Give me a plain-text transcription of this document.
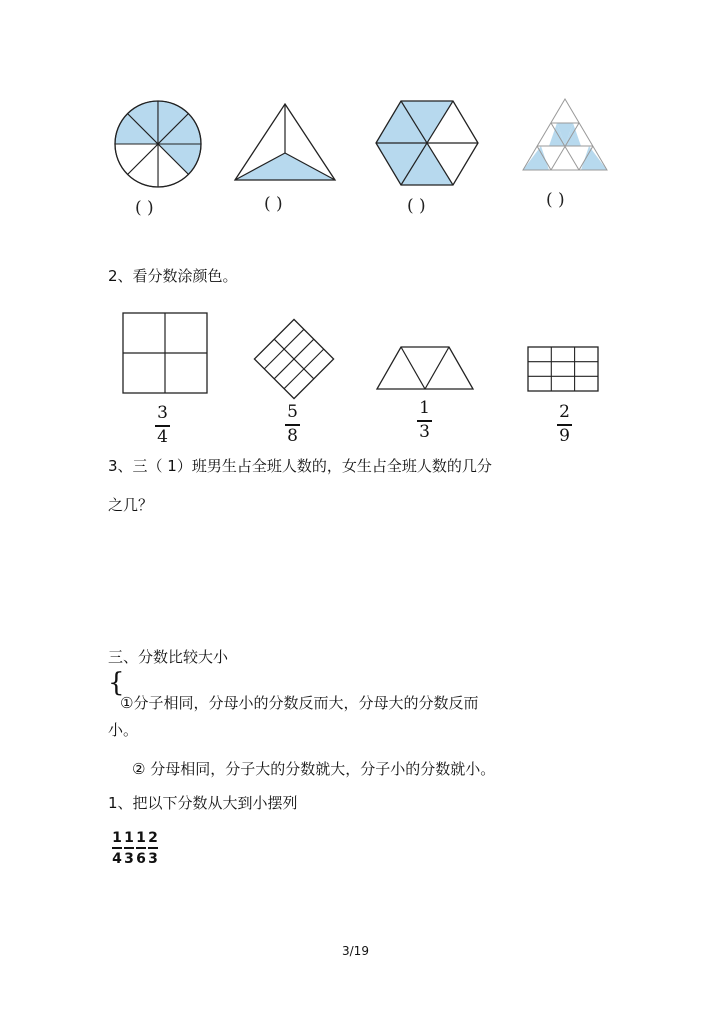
( )	( )	( )	( )
2、看分数涂颜色。
3
4
5
8
1
3
2
9
3、三（ 1）班男生占全班人数的，女生占全班人数的几分
之几？
三、分数比较大小
{
①分子相同，分母小的分数反而大，分母大的分数反而
小。
② 分母相同，分子大的分数就大，分子小的分数就小。
1、把以下分数从大到小摆列
1
4
1
3
1
6
2
3
3/19
